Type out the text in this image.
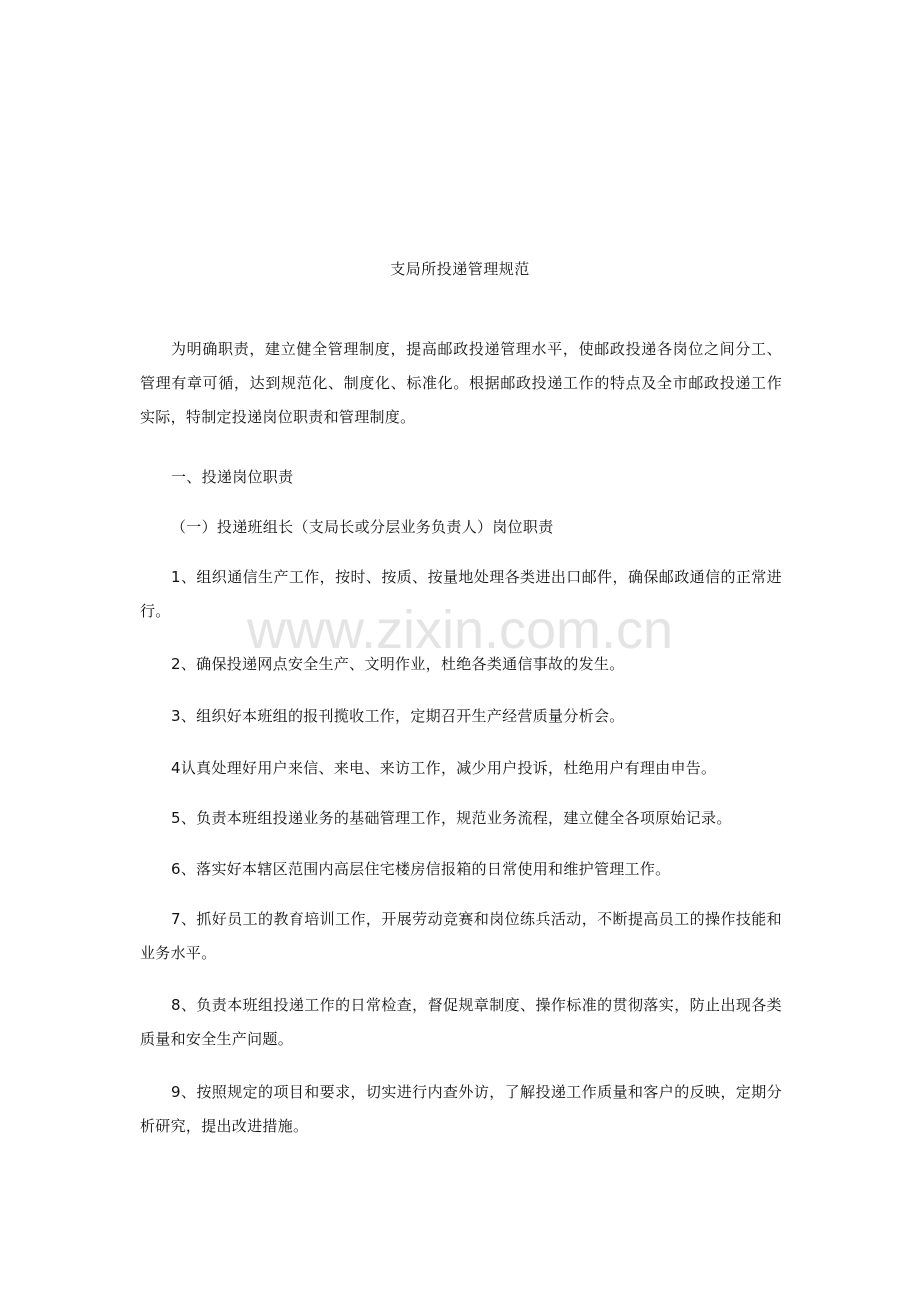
www.zixin.com.cn
支局所投递管理规范
为明确职责，建立健全管理制度，提高邮政投递管理水平，使邮政投递各岗位之间分工、管理有章可循，达到规范化、制度化、标准化。根据邮政投递工作的特点及全市邮政投递工作实际，特制定投递岗位职责和管理制度。
一、投递岗位职责
（一）投递班组长（支局长或分层业务负责人）岗位职责
1、组织通信生产工作，按时、按质、按量地处理各类进出口邮件，确保邮政通信的正常进行。
2、确保投递网点安全生产、文明作业，杜绝各类通信事故的发生。
3、组织好本班组的报刊揽收工作，定期召开生产经营质量分析会。
4认真处理好用户来信、来电、来访工作，减少用户投诉，杜绝用户有理由申告。
5、负责本班组投递业务的基础管理工作，规范业务流程，建立健全各项原始记录。
6、落实好本辖区范围内高层住宅楼房信报箱的日常使用和维护管理工作。
7、抓好员工的教育培训工作，开展劳动竞赛和岗位练兵活动，不断提高员工的操作技能和业务水平。
8、负责本班组投递工作的日常检查，督促规章制度、操作标准的贯彻落实，防止出现各类质量和安全生产问题。
9、按照规定的项目和要求，切实进行内查外访，了解投递工作质量和客户的反映，定期分析研究，提出改进措施。
